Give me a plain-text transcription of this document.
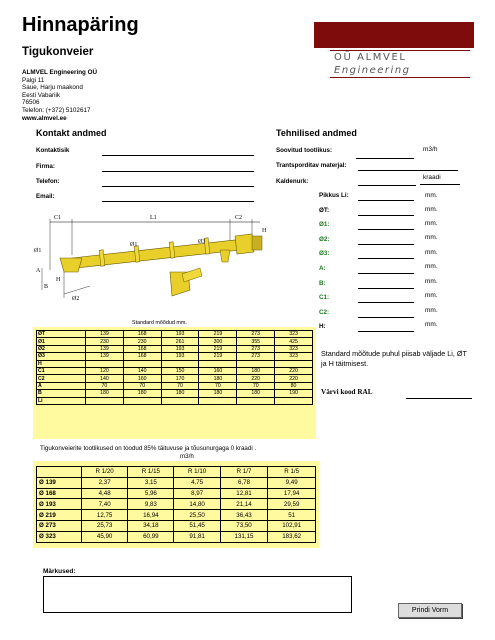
Hinnapäring
Tigukonveier
ALMVEL Engineering OÜ
Palgi 11
Saue, Harju maakond
Eesti Vabariik
76506
Telefon: (+372) 5102617
www.almvel.ee
OÜ ALMVEL
Engineering
Kontakt andmed
Kontaktisik
Firma:
Telefon:
Email:
Tehnilised andmed
Soovitud tootlikus:	m3/h
Trantsporditav materjal:
Kaldenurk:
kraadi
Pikkus Li:	mm.
ØT:	mm.
Ø1:	mm.
Ø2:	mm.
Ø3:	mm.
A:	mm.
B:	mm.
C1:	mm.
C2:	mm.
H:	mm.
Standard mõõtude puhul piisab väljade Li, ØT ja H täitmisest.
Värvi kood RAL
C1	L1	C2
Ø1
Ø3
H
Ø1
A
B
H
Ø2
Standard mõõdud mm.
ØT	139	168	193	219	273	323
Ø1	230	230	261	300	355	425
Ø2	139	168	193	219	273	323
Ø3	139	168	193	219	273	323
H						
C1	120	140	150	160	180	220
C2	140	160	170	180	220	220
A	70	70	70	70	70	80
B	180	180	180	180	180	190
Li						
Tigukonveierite tootlikused on toodud 85% täituvuse ja tõusunurgaga 0 kraadi .
m3/h
	R 1/20	R 1/15	R 1/10	R 1/7	R 1/5
Ø 139	2,37	3,15	4,75	6,78	9,49
Ø 168	4,48	5,96	8,97	12,81	17,94
Ø 193	7,40	9,83	14,80	21,14	29,59
Ø 219	12,75	16,94	25,50	36,43	51
Ø 273	25,73	34,18	51,45	73,50	102,91
Ø 323	45,90	60,99	91,81	131,15	183,62
Märkused:
Prindi Vorm
